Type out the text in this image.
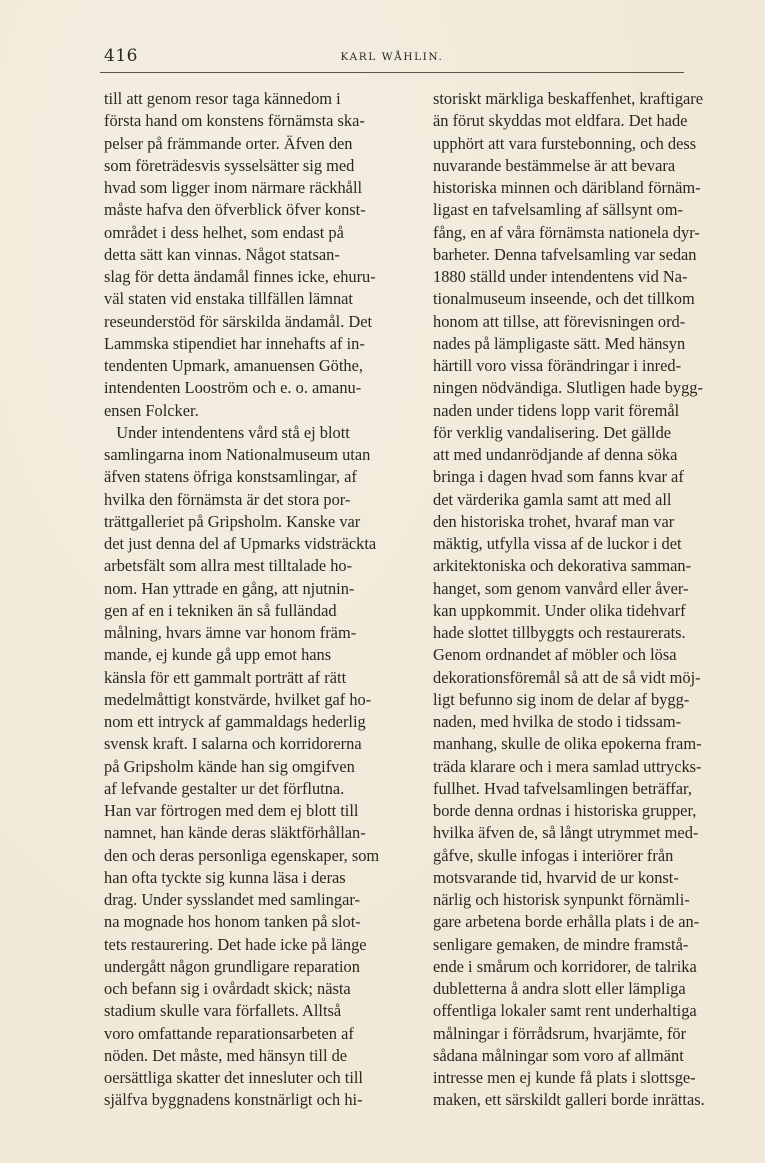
416	KARL WÅHLIN.
till att genom resor taga kännedom i
första hand om konstens förnämsta ska-
pelser på främmande orter. Äfven den
som företrädesvis sysselsätter sig med
hvad som ligger inom närmare räckhåll
måste hafva den öfverblick öfver konst-
området i dess helhet, som endast på
detta sätt kan vinnas. Något statsan-
slag för detta ändamål finnes icke, ehuru-
väl staten vid enstaka tillfällen lämnat
reseunderstöd för särskilda ändamål. Det
Lammska stipendiet har innehafts af in-
tendenten Upmark, amanuensen Göthe,
intendenten Looström och e. o. amanu-
ensen Folcker.
Under intendentens vård stå ej blott
samlingarna inom Nationalmuseum utan
äfven statens öfriga konstsamlingar, af
hvilka den förnämsta är det stora por-
trättgalleriet på Gripsholm. Kanske var
det just denna del af Upmarks vidsträckta
arbetsfält som allra mest tilltalade ho-
nom. Han yttrade en gång, att njutnin-
gen af en i tekniken än så fulländad
målning, hvars ämne var honom främ-
mande, ej kunde gå upp emot hans
känsla för ett gammalt porträtt af rätt
medelmåttigt konstvärde, hvilket gaf ho-
nom ett intryck af gammaldags hederlig
svensk kraft. I salarna och korridorerna
på Gripsholm kände han sig omgifven
af lefvande gestalter ur det förflutna.
Han var förtrogen med dem ej blott till
namnet, han kände deras släktförhållan-
den och deras personliga egenskaper, som
han ofta tyckte sig kunna läsa i deras
drag. Under sysslandet med samlingar-
na mognade hos honom tanken på slot-
tets restaurering. Det hade icke på länge
undergått någon grundligare reparation
och befann sig i ovårdadt skick; nästa
stadium skulle vara förfallets. Alltså
voro omfattande reparationsarbeten af
nöden. Det måste, med hänsyn till de
oersättliga skatter det innesluter och till
själfva byggnadens konstnärligt och hi-
storiskt märkliga beskaffenhet, kraftigare
än förut skyddas mot eldfara. Det hade
upphört att vara furstebonning, och dess
nuvarande bestämmelse är att bevara
historiska minnen och däribland förnäm-
ligast en tafvelsamling af sällsynt om-
fång, en af våra förnämsta nationela dyr-
barheter. Denna tafvelsamling var sedan
1880 ställd under intendentens vid Na-
tionalmuseum inseende, och det tillkom
honom att tillse, att förevisningen ord-
nades på lämpligaste sätt. Med hänsyn
härtill voro vissa förändringar i inred-
ningen nödvändiga. Slutligen hade bygg-
naden under tidens lopp varit föremål
för verklig vandalisering. Det gällde
att med undanrödjande af denna söka
bringa i dagen hvad som fanns kvar af
det värderika gamla samt att med all
den historiska trohet, hvaraf man var
mäktig, utfylla vissa af de luckor i det
arkitektoniska och dekorativa samman-
hanget, som genom vanvård eller åver-
kan uppkommit. Under olika tidehvarf
hade slottet tillbyggts och restaurerats.
Genom ordnandet af möbler och lösa
dekorationsföremål så att de så vidt möj-
ligt befunno sig inom de delar af bygg-
naden, med hvilka de stodo i tidssam-
manhang, skulle de olika epokerna fram-
träda klarare och i mera samlad uttrycks-
fullhet. Hvad tafvelsamlingen beträffar,
borde denna ordnas i historiska grupper,
hvilka äfven de, så långt utrymmet med-
gåfve, skulle infogas i interiörer från
motsvarande tid, hvarvid de ur konst-
närlig och historisk synpunkt förnämli-
gare arbetena borde erhålla plats i de an-
senligare gemaken, de mindre framstå-
ende i smårum och korridorer, de talrika
dubletterna å andra slott eller lämpliga
offentliga lokaler samt rent underhaltiga
målningar i förrådsrum, hvarjämte, för
sådana målningar som voro af allmänt
intresse men ej kunde få plats i slottsge-
maken, ett särskildt galleri borde inrättas.
